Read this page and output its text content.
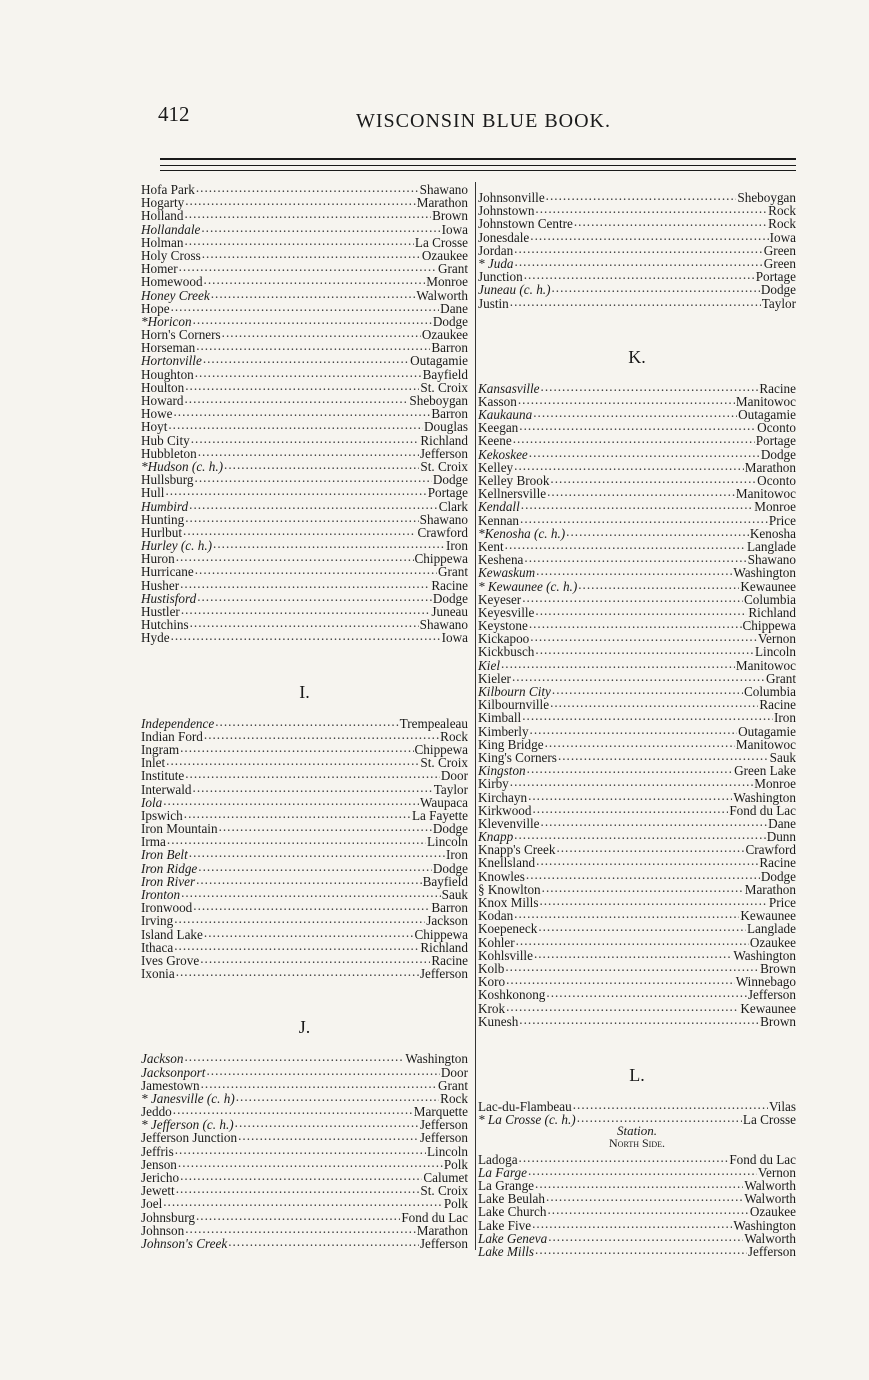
412	WISCONSIN BLUE BOOK.
Hofa Park .....	Shawano
Hogarty .....	Marathon
Holland .....	Brown
Hollandale .....	Iowa
Holman .....	La Crosse
Holy Cross .....	Ozaukee
Homer .....	Grant
Homewood .....	Monroe
Honey Creek .....	Walworth
Hope .....	Dane
*Horicon .....	Dodge
Horn's Corners .....	Ozaukee
Horseman .....	Barron
Hortonville .....	Outagamie
Houghton .....	Bayfield
Houlton .....	St. Croix
Howard .....	Sheboygan
Howe .....	Barron
Hoyt .....	Douglas
Hub City .....	Richland
Hubbleton .....	Jefferson
*Hudson (c. h.) .....	St. Croix
Hullsburg .....	Dodge
Hull .....	Portage
Humbird .....	Clark
Hunting .....	Shawano
Hurlbut .....	Crawford
Hurley (c. h.) .....	Iron
Huron .....	Chippewa
Hurricane .....	Grant
Husher .....	Racine
Hustisford .....	Dodge
Hustler .....	Juneau
Hutchins .....	Shawano
Hyde .....	Iowa
I.
Independence .....	Trempealeau
Indian Ford .....	Rock
Ingram .....	Chippewa
Inlet .....	St. Croix
Institute .....	Door
Interwald .....	Taylor
Iola .....	Waupaca
Ipswich .....	La Fayette
Iron Mountain .....	Dodge
Irma .....	Lincoln
Iron Belt .....	Iron
Iron Ridge .....	Dodge
Iron River .....	Bayfield
Ironton .....	Sauk
Ironwood .....	Barron
Irving .....	Jackson
Island Lake .....	Chippewa
Ithaca .....	Richland
Ives Grove .....	Racine
Ixonia .....	Jefferson
J.
Jackson .....	Washington
Jacksonport .....	Door
Jamestown .....	Grant
* Janesville (c. h) .....	Rock
Jeddo .....	Marquette
* Jefferson (c. h.) .....	Jefferson
Jefferson Junction .....	Jefferson
Jeffris .....	Lincoln
Jenson .....	Polk
Jericho .....	Calumet
Jewett .....	St. Croix
Joel .....	Polk
Johnsburg .....	Fond du Lac
Johnson .....	Marathon
Johnson's Creek .....	Jefferson
Johnsonville .....	Sheboygan
Johnstown .....	Rock
Johnstown Centre .....	Rock
Jonesdale .....	Iowa
Jordan .....	Green
* Juda .....	Green
Junction .....	Portage
Juneau (c. h.) .....	Dodge
Justin .....	Taylor
K.
Kansasville .....	Racine
Kasson .....	Manitowoc
Kaukauna .....	Outagamie
Keegan .....	Oconto
Keene .....	Portage
Kekoskee .....	Dodge
Kelley .....	Marathon
Kelley Brook .....	Oconto
Kellnersville .....	Manitowoc
Kendall .....	Monroe
Kennan .....	Price
*Kenosha (c. h.) .....	Kenosha
Kent .....	Langlade
Keshena .....	Shawano
Kewaskum .....	Washington
* Kewaunee (c. h.) .....	Kewaunee
Keyeser .....	Columbia
Keyesville .....	Richland
Keystone .....	Chippewa
Kickapoo .....	Vernon
Kickbusch .....	Lincoln
Kiel .....	Manitowoc
Kieler .....	Grant
Kilbourn City .....	Columbia
Kilbournville .....	Racine
Kimball .....	Iron
Kimberly .....	Outagamie
King Bridge .....	Manitowoc
King's Corners .....	Sauk
Kingston .....	Green Lake
Kirby .....	Monroe
Kirchayn .....	Washington
Kirkwood .....	Fond du Lac
Klevenville .....	Dane
Knapp .....	Dunn
Knapp's Creek .....	Crawford
Knellsland .....	Racine
Knowles .....	Dodge
§ Knowlton .....	Marathon
Knox Mills .....	Price
Kodan .....	Kewaunee
Koepeneck .....	Langlade
Kohler .....	Ozaukee
Kohlsville .....	Washington
Kolb .....	Brown
Koro .....	Winnebago
Koshkonong .....	Jefferson
Krok .....	Kewaunee
Kunesh .....	Brown
L.
Lac-du-Flambeau .....	Vilas
* La Crosse (c. h.) .....	La Crosse
Station.
North Side.
Ladoga .....	Fond du Lac
La Farge .....	Vernon
La Grange .....	Walworth
Lake Beulah .....	Walworth
Lake Church .....	Ozaukee
Lake Five .....	Washington
Lake Geneva .....	Walworth
Lake Mills .....	Jefferson
